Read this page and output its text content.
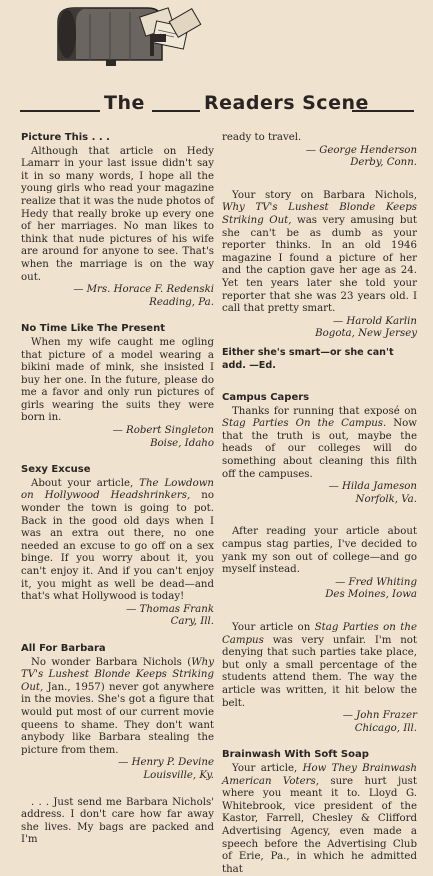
The	Readers Scene
Picture This . . .

Although that article on Hedy Lamarr in your last issue didn't say it in so many words, I hope all the young girls who read your magazine realize that it was the nude photos of Hedy that really broke up every one of her marriages. No man likes to think that nude pictures of his wife are around for anyone to see. That's when the marriage is on the way out.

— Mrs. Horace F. Redenski
Reading, Pa.
No Time Like The Present

When my wife caught me ogling that picture of a model wearing a bikini made of mink, she insisted I buy her one. In the future, please do me a favor and only run pictures of girls wearing the suits they were born in.

— Robert Singleton
Boise, Idaho
Sexy Excuse

About your article, The Lowdown on Hollywood Headshrinkers, no wonder the town is going to pot. Back in the good old days when I was an extra out there, no one needed an excuse to go off on a sex binge. If you worry about it, you can't enjoy it. And if you can't enjoy it, you might as well be dead—and that's what Hollywood is today!

— Thomas Frank
Cary, Ill.
All For Barbara

No wonder Barbara Nichols (Why TV's Lushest Blonde Keeps Striking Out, Jan., 1957) never got anywhere in the movies. She's got a figure that would put most of our current movie queens to shame. They don't want anybody like Barbara stealing the picture from them.

— Henry P. Devine
Louisville, Ky.

. . . Just send me Barbara Nichols' address. I don't care how far away she lives. My bags are packed and I'm

ready to travel.

— George Henderson
Derby, Conn.

Your story on Barbara Nichols, Why TV's Lushest Blonde Keeps Striking Out, was very amusing but she can't be as dumb as your reporter thinks. In an old 1946 magazine I found a picture of her and the caption gave her age as 24. Yet ten years later she told your reporter that she was 23 years old. I call that pretty smart.

— Harold Karlin
Bogota, New Jersey
Either she's smart—or she can't add. —Ed.
Campus Capers

Thanks for running that exposé on Stag Parties On the Campus. Now that the truth is out, maybe the heads of our colleges will do something about cleaning this filth off the campuses.

— Hilda Jameson
Norfolk, Va.

After reading your article about campus stag parties, I've decided to yank my son out of college—and go myself instead.

— Fred Whiting
Des Moines, Iowa

Your article on Stag Parties on the Campus was very unfair. I'm not denying that such parties take place, but only a small percentage of the students attend them. The way the article was written, it hit below the belt.

— John Frazer
Chicago, Ill.
Brainwash With Soft Soap

Your article, How They Brainwash American Voters, sure hurt just where you meant it to. Lloyd G. Whitebrook, vice president of the Kastor, Farrell, Chesley & Clifford Advertising Agency, even made a speech before the Advertising Club of Erie, Pa., in which he admitted that
